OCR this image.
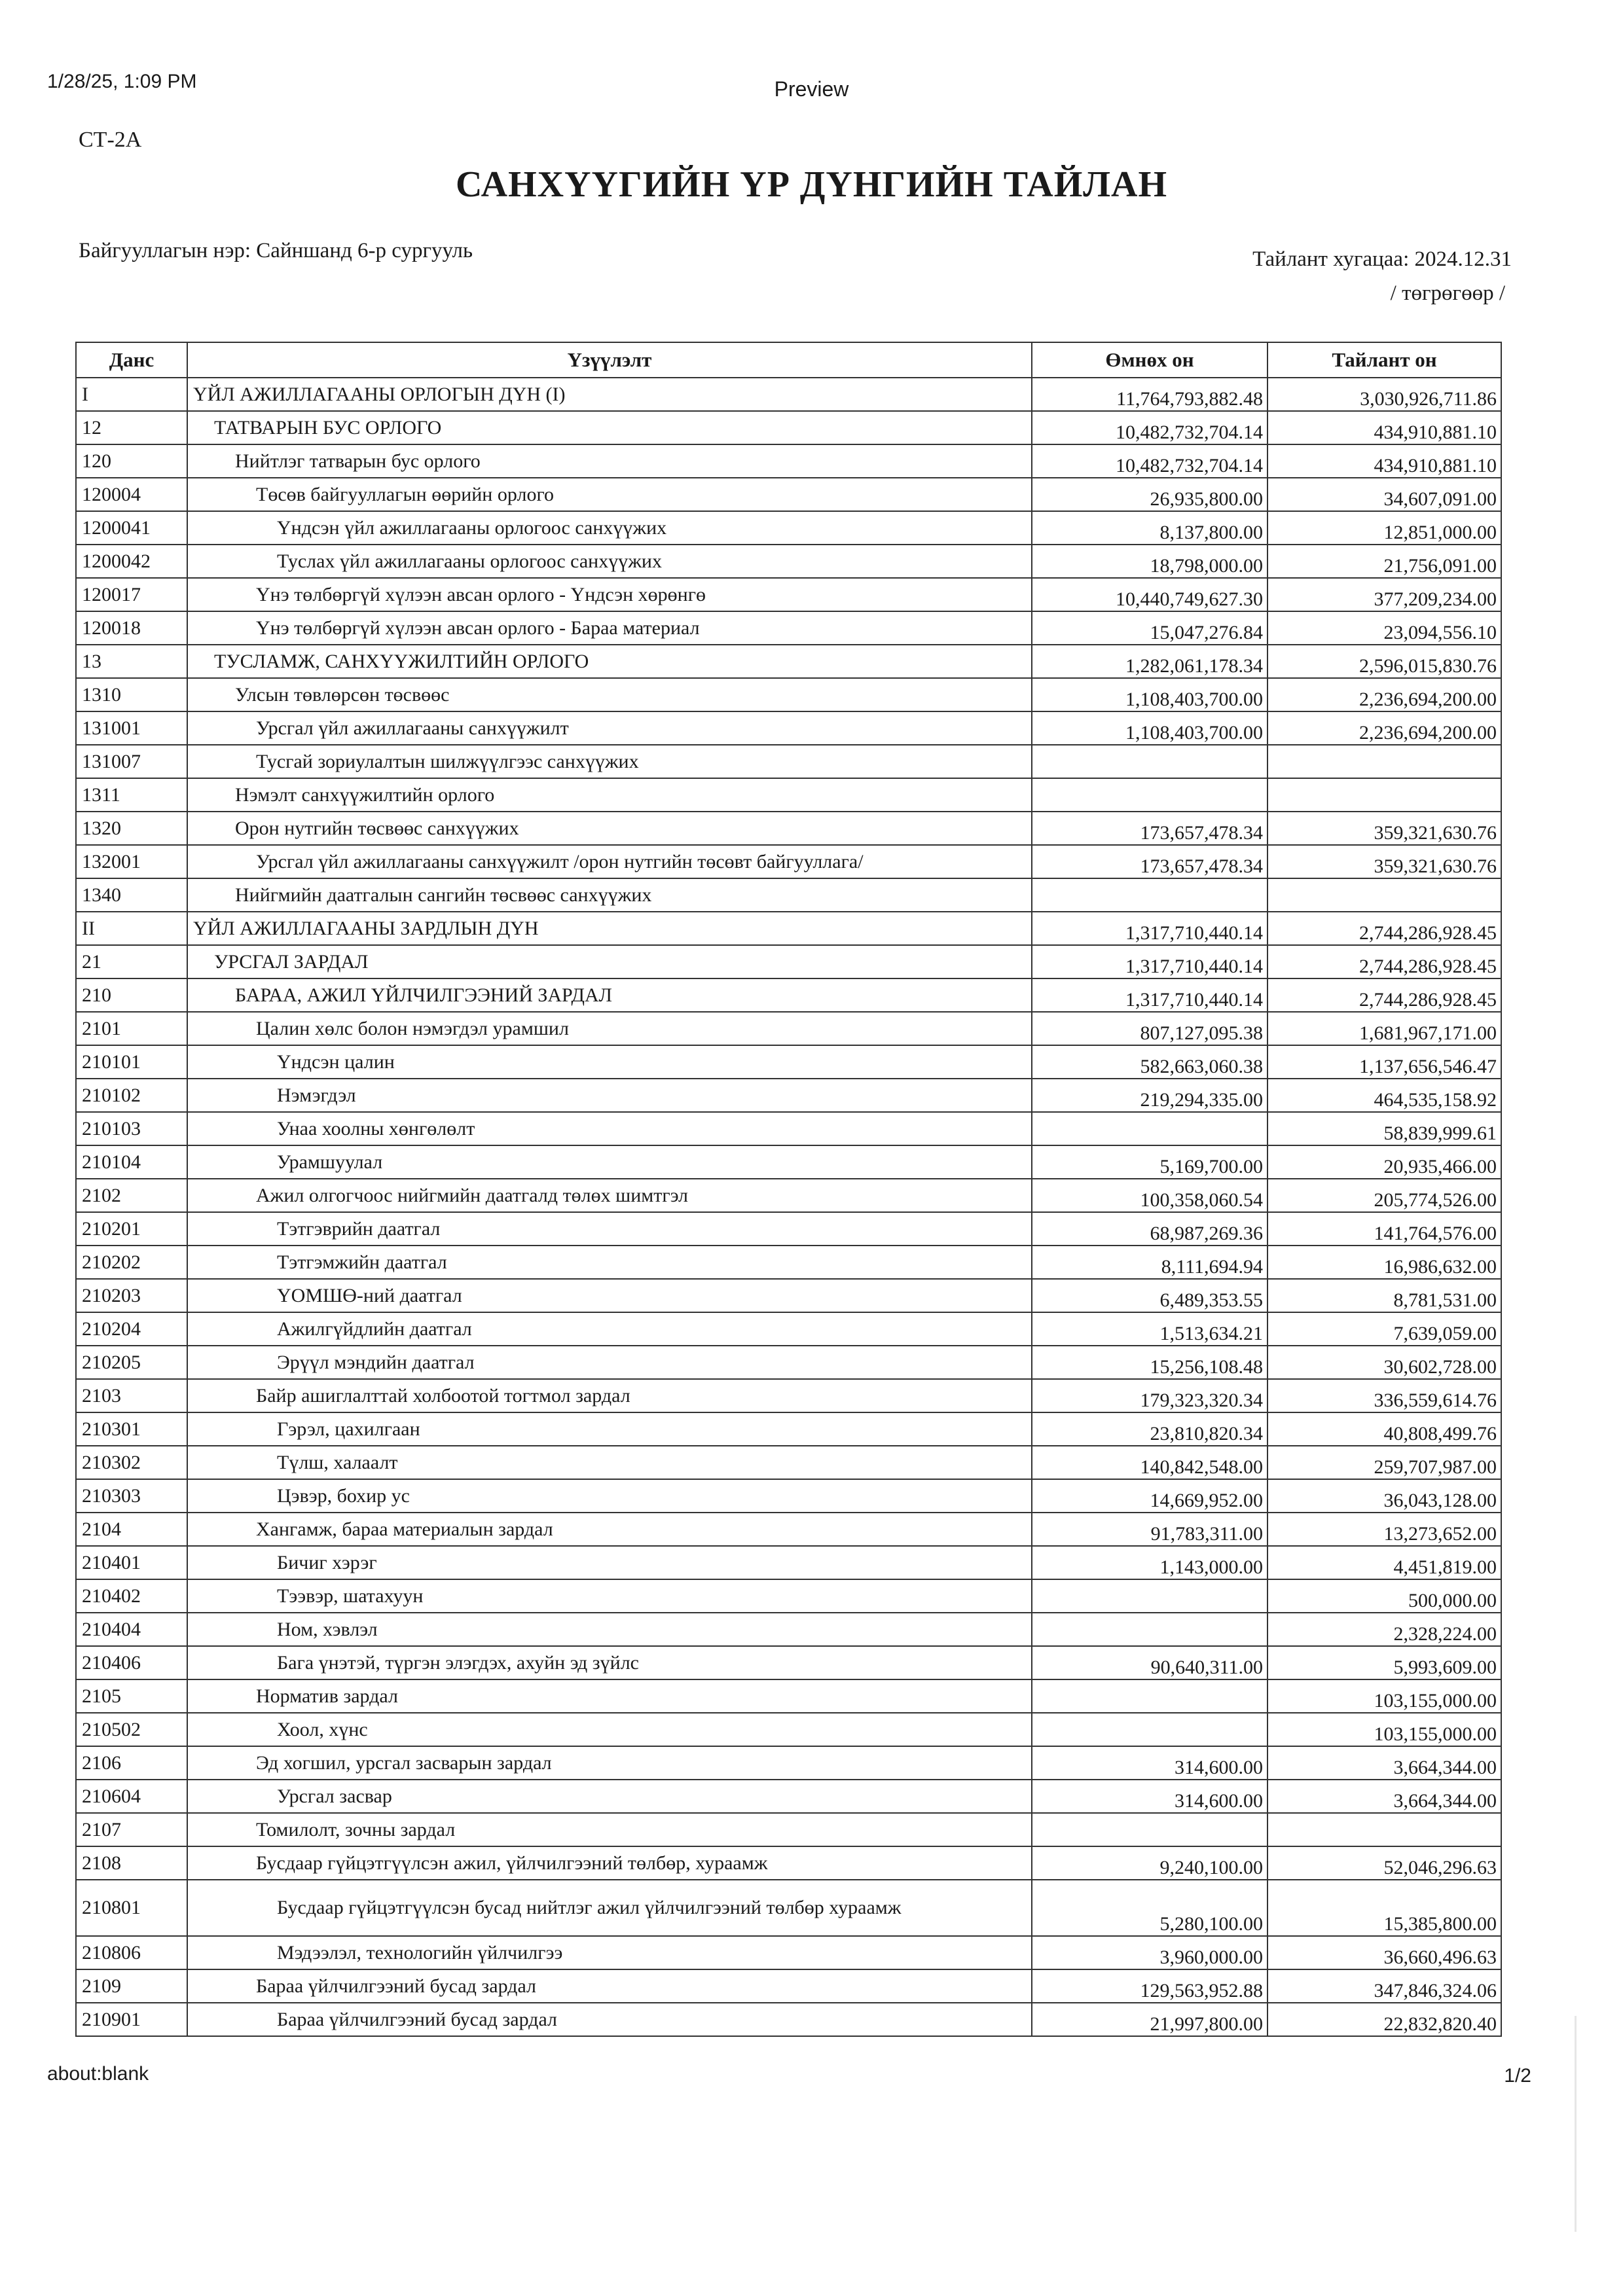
1/28/25, 1:09 PM	Preview
СТ-2А
САНХҮҮГИЙН ҮР ДҮНГИЙН ТАЙЛАН
Байгууллагын нэр: Сайншанд 6-р сургууль	Тайлант хугацаа: 2024.12.31
/ төгрөгөөр /
Данс	Үзүүлэлт	Өмнөх он	Тайлант он
I	ҮЙЛ АЖИЛЛАГААНЫ ОРЛОГЫН ДҮН (I)	11,764,793,882.48	3,030,926,711.86
12	ТАТВАРЫН БУС ОРЛОГО	10,482,732,704.14	434,910,881.10
120	Нийтлэг татварын бус орлого	10,482,732,704.14	434,910,881.10
120004	Төсөв байгууллагын өөрийн орлого	26,935,800.00	34,607,091.00
1200041	Үндсэн үйл ажиллагааны орлогоос санхүүжих	8,137,800.00	12,851,000.00
1200042	Туслах үйл ажиллагааны орлогоос санхүүжих	18,798,000.00	21,756,091.00
120017	Үнэ төлбөргүй хүлээн авсан орлого - Үндсэн хөрөнгө	10,440,749,627.30	377,209,234.00
120018	Үнэ төлбөргүй хүлээн авсан орлого - Бараа материал	15,047,276.84	23,094,556.10
13	ТУСЛАМЖ, САНХҮҮЖИЛТИЙН ОРЛОГО	1,282,061,178.34	2,596,015,830.76
1310	Улсын төвлөрсөн төсвөөс	1,108,403,700.00	2,236,694,200.00
131001	Урсгал үйл ажиллагааны санхүүжилт	1,108,403,700.00	2,236,694,200.00
131007	Тусгай зориулалтын шилжүүлгээс санхүүжих		
1311	Нэмэлт санхүүжилтийн орлого		
1320	Орон нутгийн төсвөөс санхүүжих	173,657,478.34	359,321,630.76
132001	Урсгал үйл ажиллагааны санхүүжилт /орон нутгийн төсөвт байгууллага/	173,657,478.34	359,321,630.76
1340	Нийгмийн даатгалын сангийн төсвөөс санхүүжих		
II	ҮЙЛ АЖИЛЛАГААНЫ ЗАРДЛЫН ДҮН	1,317,710,440.14	2,744,286,928.45
21	УРСГАЛ ЗАРДАЛ	1,317,710,440.14	2,744,286,928.45
210	БАРАА, АЖИЛ ҮЙЛЧИЛГЭЭНИЙ ЗАРДАЛ	1,317,710,440.14	2,744,286,928.45
2101	Цалин хөлс болон нэмэгдэл урамшил	807,127,095.38	1,681,967,171.00
210101	Үндсэн цалин	582,663,060.38	1,137,656,546.47
210102	Нэмэгдэл	219,294,335.00	464,535,158.92
210103	Унаа хоолны хөнгөлөлт		58,839,999.61
210104	Урамшуулал	5,169,700.00	20,935,466.00
2102	Ажил олгогчоос нийгмийн даатгалд төлөх шимтгэл	100,358,060.54	205,774,526.00
210201	Тэтгэврийн даатгал	68,987,269.36	141,764,576.00
210202	Тэтгэмжийн даатгал	8,111,694.94	16,986,632.00
210203	ҮОМШӨ-ний даатгал	6,489,353.55	8,781,531.00
210204	Ажилгүйдлийн даатгал	1,513,634.21	7,639,059.00
210205	Эрүүл мэндийн даатгал	15,256,108.48	30,602,728.00
2103	Байр ашиглалттай холбоотой тогтмол зардал	179,323,320.34	336,559,614.76
210301	Гэрэл, цахилгаан	23,810,820.34	40,808,499.76
210302	Түлш, халаалт	140,842,548.00	259,707,987.00
210303	Цэвэр, бохир ус	14,669,952.00	36,043,128.00
2104	Хангамж, бараа материалын зардал	91,783,311.00	13,273,652.00
210401	Бичиг хэрэг	1,143,000.00	4,451,819.00
210402	Тээвэр, шатахуун		500,000.00
210404	Ном, хэвлэл		2,328,224.00
210406	Бага үнэтэй, түргэн элэгдэх, ахуйн эд зүйлс	90,640,311.00	5,993,609.00
2105	Норматив зардал		103,155,000.00
210502	Хоол, хүнс		103,155,000.00
2106	Эд хогшил, урсгал засварын зардал	314,600.00	3,664,344.00
210604	Урсгал засвар	314,600.00	3,664,344.00
2107	Томилолт, зочны зардал		
2108	Бусдаар гүйцэтгүүлсэн ажил, үйлчилгээний төлбөр, хураамж	9,240,100.00	52,046,296.63
210801	Бусдаар гүйцэтгүүлсэн бусад нийтлэг ажил үйлчилгээний төлбөр хураамж	5,280,100.00	15,385,800.00
210806	Мэдээлэл, технологийн үйлчилгээ	3,960,000.00	36,660,496.63
2109	Бараа үйлчилгээний бусад зардал	129,563,952.88	347,846,324.06
210901	Бараа үйлчилгээний бусад зардал	21,997,800.00	22,832,820.40
about:blank	1/2
